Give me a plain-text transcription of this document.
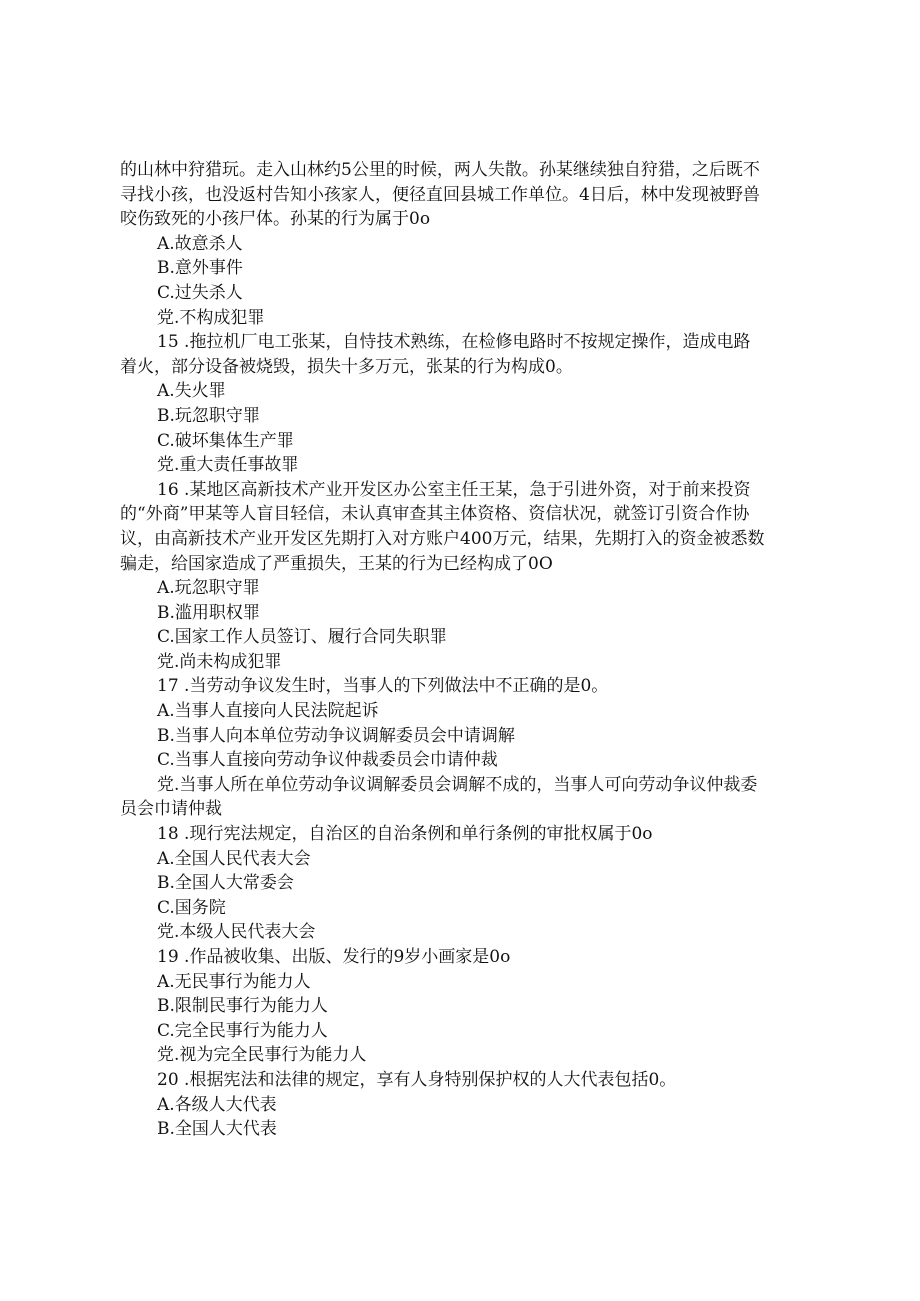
的山林中狩猎玩。走入山林约5公里的时候，两人失散。孙某继续独自狩猎，之后既不
寻找小孩，也没返村告知小孩家人，便径直回县城工作单位。4日后，林中发现被野兽
咬伤致死的小孩尸体。孙某的行为属于0o
A.故意杀人
B.意外事件
C.过失杀人
党.不构成犯罪
15 .拖拉机厂电工张某，自恃技术熟练，在检修电路时不按规定操作，造成电路
着火，部分设备被烧毁，损失十多万元，张某的行为构成0。
A.失火罪
B.玩忽职守罪
C.破坏集体生产罪
党.重大责任事故罪
16 .某地区高新技术产业开发区办公室主任王某，急于引进外资，对于前来投资
的“外商”甲某等人盲目轻信，未认真审查其主体资格、资信状况，就签订引资合作协
议，由高新技术产业开发区先期打入对方账户400万元，结果，先期打入的资金被悉数
骗走，给国家造成了严重损失，王某的行为已经构成了0O
A.玩忽职守罪
B.滥用职权罪
C.国家工作人员签订、履行合同失职罪
党.尚未构成犯罪
17 .当劳动争议发生时，当事人的下列做法中不正确的是0。
A.当事人直接向人民法院起诉
B.当事人向本单位劳动争议调解委员会中请调解
C.当事人直接向劳动争议仲裁委员会巾请仲裁
党.当事人所在单位劳动争议调解委员会调解不成的，当事人可向劳动争议仲裁委
员会巾请仲裁
18 .现行宪法规定，自治区的自治条例和单行条例的审批权属于0o
A.全国人民代表大会
B.全国人大常委会
C.国务院
党.本级人民代表大会
19 .作品被收集、出版、发行的9岁小画家是0o
A.无民事行为能力人
B.限制民事行为能力人
C.完全民事行为能力人
党.视为完全民事行为能力人
20 .根据宪法和法律的规定，享有人身特别保护权的人大代表包括0。
A.各级人大代表
B.全国人大代表
